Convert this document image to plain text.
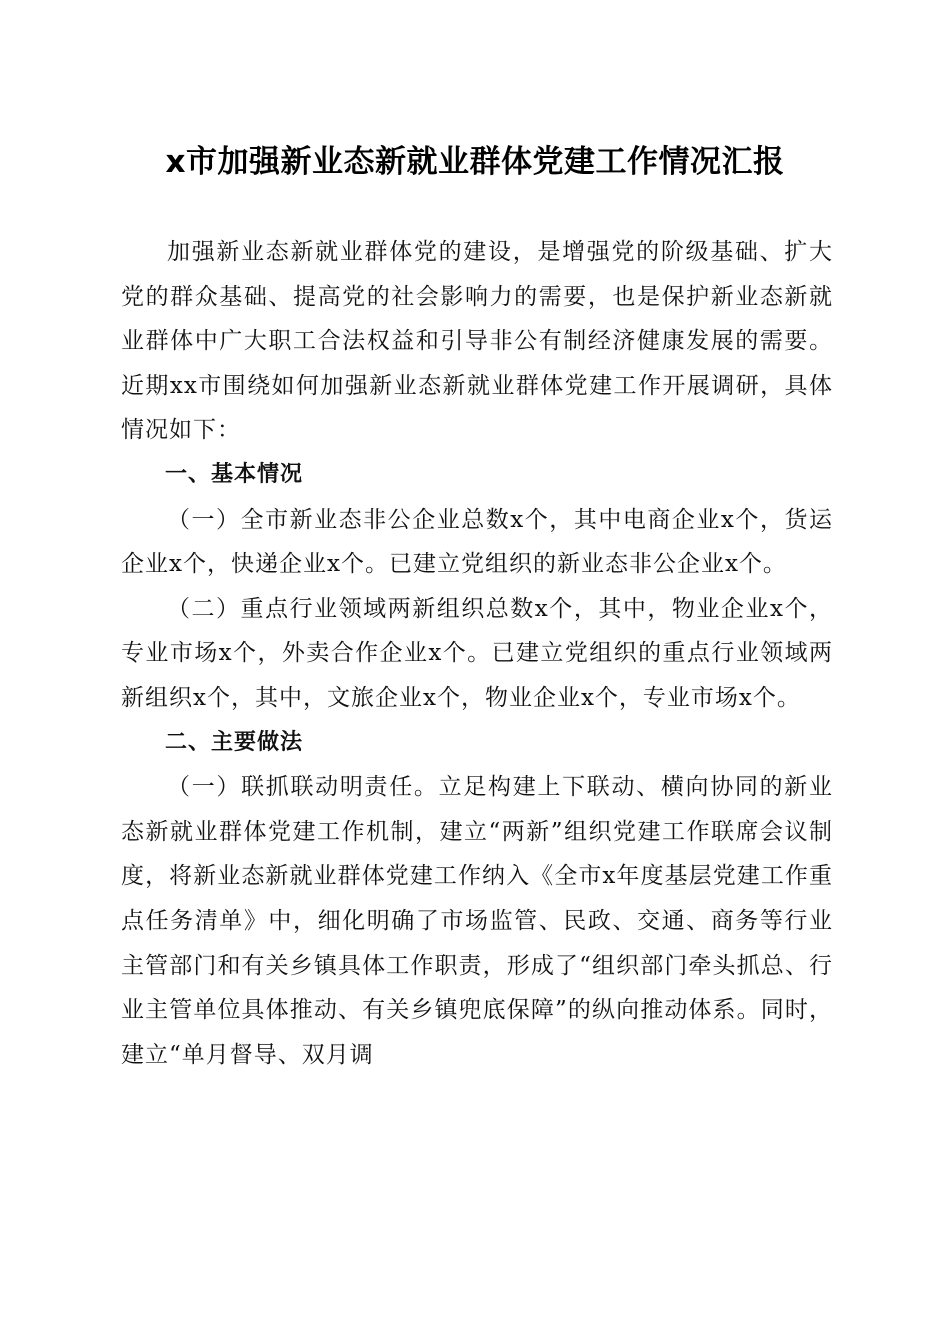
x市加强新业态新就业群体党建工作情况汇报

加强新业态新就业群体党的建设，是增强党的阶级基础、扩大党的群众基础、提高党的社会影响力的需要，也是保护新业态新就业群体中广大职工合法权益和引导非公有制经济健康发展的需要。近期xx市围绕如何加强新业态新就业群体党建工作开展调研，具体情况如下：

一、基本情况

（一）全市新业态非公企业总数x个，其中电商企业x个，货运企业x个，快递企业x个。已建立党组织的新业态非公企业x个。

（二）重点行业领域两新组织总数x个，其中，物业企业x个，专业市场x个，外卖合作企业x个。已建立党组织的重点行业领域两新组织x个，其中，文旅企业x个，物业企业x个，专业市场x个。

二、主要做法

（一）联抓联动明责任。立足构建上下联动、横向协同的新业态新就业群体党建工作机制，建立“两新”组织党建工作联席会议制度，将新业态新就业群体党建工作纳入《全市x年度基层党建工作重点任务清单》中，细化明确了市场监管、民政、交通、商务等行业主管部门和有关乡镇具体工作职责，形成了“组织部门牵头抓总、行业主管单位具体推动、有关乡镇兜底保障”的纵向推动体系。同时，建立“单月督导、双月调
